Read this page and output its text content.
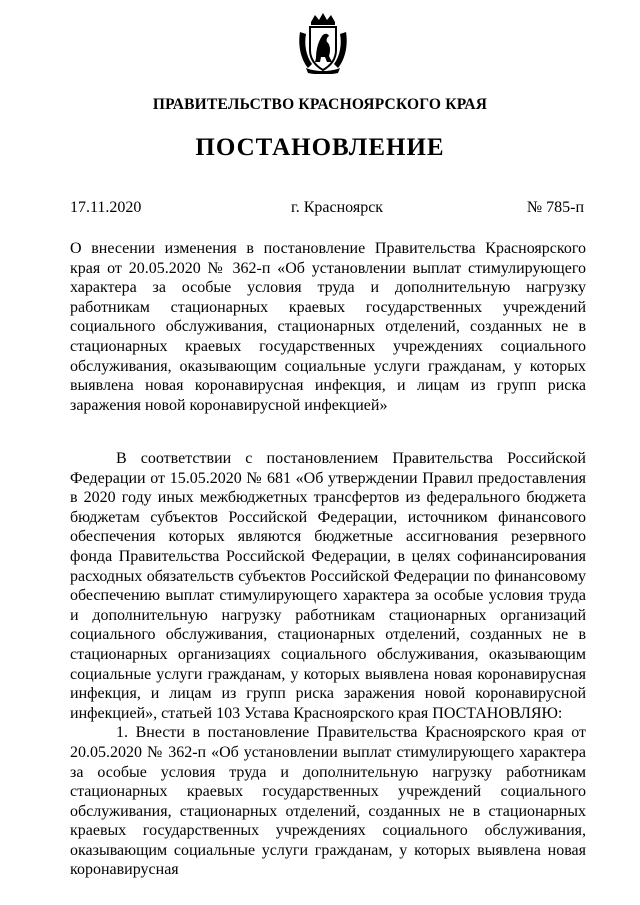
ПРАВИТЕЛЬСТВО КРАСНОЯРСКОГО КРАЯ
ПОСТАНОВЛЕНИЕ
17.11.2020	г. Красноярск	№ 785-п

О внесении изменения в постановление Правительства Красноярского края от 20.05.2020 № 362-п «Об установлении выплат стимулирующего характера за особые условия труда и дополнительную нагрузку работникам стационарных краевых государственных учреждений социального обслуживания, стационарных отделений, созданных не в стационарных краевых государственных учреждениях социального обслуживания, оказывающим социальные услуги гражданам, у которых выявлена новая коронавирусная инфекция, и лицам из групп риска заражения новой коронавирусной инфекцией»

В соответствии с постановлением Правительства Российской Федерации от 15.05.2020 № 681 «Об утверждении Правил предоставления в 2020 году иных межбюджетных трансфертов из федерального бюджета бюджетам субъектов Российской Федерации, источником финансового обеспечения которых являются бюджетные ассигнования резервного фонда Правительства Российской Федерации, в целях софинансирования расходных обязательств субъектов Российской Федерации по финансовому обеспечению выплат стимулирующего характера за особые условия труда и дополнительную нагрузку работникам стационарных организаций социального обслуживания, стационарных отделений, созданных не в стационарных организациях социального обслуживания, оказывающим социальные услуги гражданам, у которых выявлена новая коронавирусная инфекция, и лицам из групп риска заражения новой коронавирусной инфекцией», статьей 103 Устава Красноярского края ПОСТАНОВЛЯЮ:

1. Внести в постановление Правительства Красноярского края от 20.05.2020 № 362-п «Об установлении выплат стимулирующего характера за особые условия труда и дополнительную нагрузку работникам стационарных краевых государственных учреждений социального обслуживания, стационарных отделений, созданных не в стационарных краевых государственных учреждениях социального обслуживания, оказывающим социальные услуги гражданам, у которых выявлена новая коронавирусная
